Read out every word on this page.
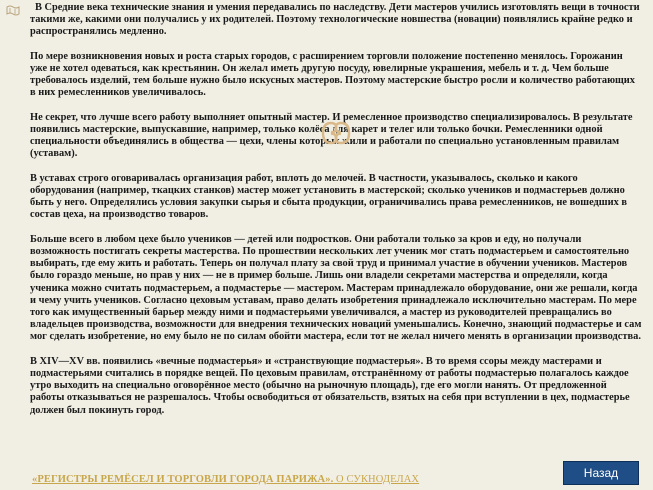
В Средние века технические знания и умения передавались по наследству. Дети мастеров учились изготовлять вещи в точности такими же, какими они получались у их родителей. Поэтому технологические новшества (новации) появлялись крайне редко и распространялись медленно.

По мере возникновения новых и роста старых городов, с расширением торговли положение постепенно менялось. Горожанин уже не хотел одеваться, как крестьянин. Он желал иметь другую посуду, ювелирные украшения, мебель и т. д. Чем больше требовалось изделий, тем больше нужно было искусных мастеров. Поэтому мастерские быстро росли и количество работающих в них ремесленников увеличивалось.

Не секрет, что лучше всего работу выполняет опытный мастер. И ремесленное производство специализировалось. В результате появились мастерские, выпускавшие, например, только колёса для карет и телег или только бочки. Ремесленники одной специальности объединялись в общества — цехи, члены которых жили и работали по специально установленным правилам (уставам).

В уставах строго оговаривалась организация работ, вплоть до мелочей. В частности, указывалось, сколько и какого оборудования (например, ткацких станков) мастер может установить в мастерской; сколько учеников и подмастерьев должно быть у него. Определялись условия закупки сырья и сбыта продукции, ограничивались права ремесленников, не вошедших в состав цеха, на производство товаров.

Больше всего в любом цехе было учеников — детей или подростков. Они работали только за кров и еду, но получали возможность постигать секреты мастерства. По прошествии нескольких лет ученик мог стать подмастерьем и самостоятельно выбирать, где ему жить и работать. Теперь он получал плату за свой труд и принимал участие в обучении учеников. Мастеров было гораздо меньше, но прав у них — не в пример больше. Лишь они владели секретами мастерства и определяли, когда ученика можно считать подмастерьем, а подмастерье — мастером. Мастерам принадлежало оборудование, они же решали, когда и чему учить учеников. Согласно цеховым уставам, право делать изобретения принадлежало исключительно мастерам. По мере того как имущественный барьер между ними и подмастерьями увеличивался, а мастер из руководителей превращались во владельцев производства, возможности для внедрения технических новаций уменьшались. Конечно, знающий подмастерье и сам мог сделать изобретение, но ему было не по силам обойти мастера, если тот не желал ничего менять в организации производства.

В XIV—XV вв. появились «вечные подмастерья» и «странствующие подмастерья». В то время ссоры между мастерами и подмастерьями считались в порядке вещей. По цеховым правилам, отстранённому от работы подмастерью полагалось каждое утро выходить на специально оговорённое место (обычно на рыночную площадь), где его могли нанять. От предложенной работы отказываться не разрешалось. Чтобы освободиться от обязательств, взятых на себя при вступлении в цех, подмастерье должен был покинуть город.

«РЕГИСТРЫ РЕМЁСЕЛ И ТОРГОВЛИ ГОРОДА ПАРИЖА». О СУКНОДЕЛАХ	Назад
